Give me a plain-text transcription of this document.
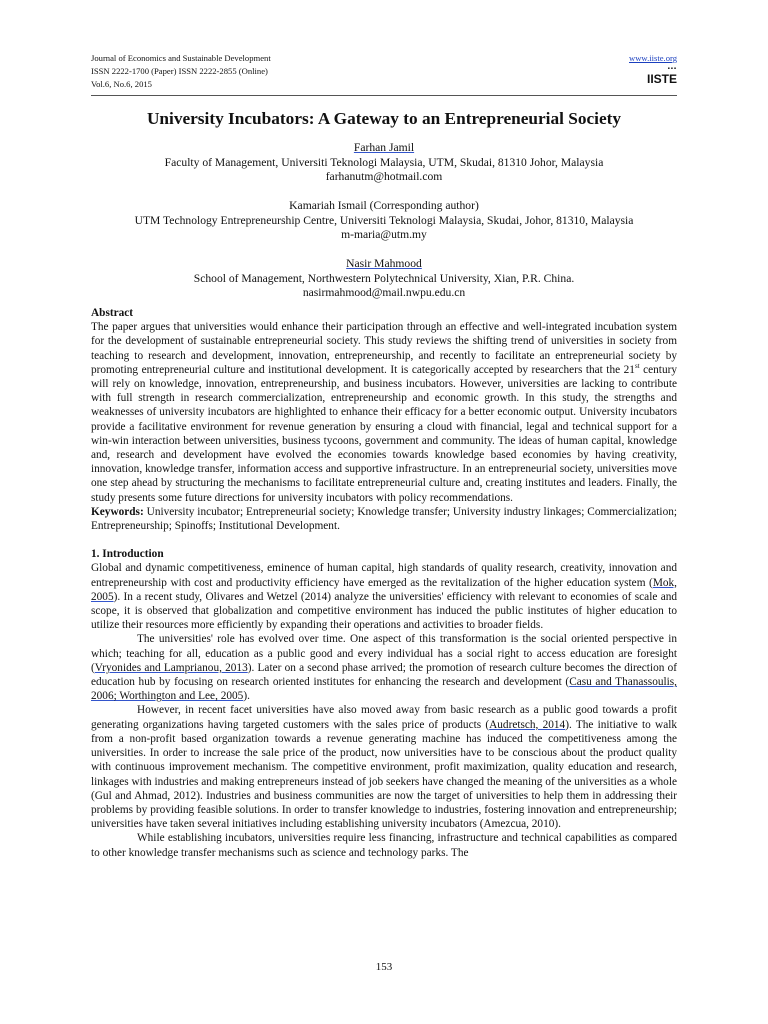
Journal of Economics and Sustainable Development
ISSN 2222-1700 (Paper) ISSN 2222-2855 (Online)
Vol.6, No.6, 2015
www.iiste.org
▪▪▪
IISTE
University Incubators: A Gateway to an Entrepreneurial Society
Farhan Jamil
Faculty of Management, Universiti Teknologi Malaysia, UTM, Skudai, 81310 Johor, Malaysia
farhanutm@hotmail.com
Kamariah Ismail (Corresponding author)
UTM Technology Entrepreneurship Centre, Universiti Teknologi Malaysia, Skudai, Johor, 81310, Malaysia
m-maria@utm.my
Nasir Mahmood
School of Management, Northwestern Polytechnical University, Xian, P.R. China.
nasirmahmood@mail.nwpu.edu.cn

Abstract

The paper argues that universities would enhance their participation through an effective and well-integrated incubation system for the development of sustainable entrepreneurial society. This study reviews the shifting trend of universities in society from teaching to research and development, innovation, entrepreneurship, and recently to facilitate an entrepreneurial society by promoting entrepreneurial culture and institutional development. It is categorically accepted by researchers that the 21st century will rely on knowledge, innovation, entrepreneurship, and business incubators. However, universities are lacking to contribute with full strength in research commercialization, entrepreneurship and economic growth. In this study, the strengths and weaknesses of university incubators are highlighted to enhance their efficacy for a better economic output. University incubators provide a facilitative environment for revenue generation by ensuring a cloud with financial, legal and technical support for a win-win interaction between universities, business tycoons, government and community. The ideas of human capital, knowledge and, research and development have evolved the economies towards knowledge based economies by having creativity, innovation, knowledge transfer, information access and supportive infrastructure. In an entrepreneurial society, universities move one step ahead by structuring the mechanisms to facilitate entrepreneurial culture and, creating institutes and leaders. Finally, the study presents some future directions for university incubators with policy recommendations.

Keywords: University incubator; Entrepreneurial society; Knowledge transfer; University industry linkages; Commercialization; Entrepreneurship; Spinoffs; Institutional Development.

1. Introduction

Global and dynamic competitiveness, eminence of human capital, high standards of quality research, creativity, innovation and entrepreneurship with cost and productivity efficiency have emerged as the revitalization of the higher education system (Mok, 2005). In a recent study, Olivares and Wetzel (2014) analyze the universities' efficiency with relevant to economies of scale and scope, it is observed that globalization and competitive environment has induced the public institutes of higher education to utilize their resources more efficiently by expanding their operations and activities to broader fields.

The universities' role has evolved over time. One aspect of this transformation is the social oriented perspective in which; teaching for all, education as a public good and every individual has a social right to access education are foresight (Vryonides and Lamprianou, 2013). Later on a second phase arrived; the promotion of research culture becomes the direction of education hub by focusing on research oriented institutes for enhancing the research and development (Casu and Thanassoulis, 2006; Worthington and Lee, 2005).

However, in recent facet universities have also moved away from basic research as a public good towards a profit generating organizations having targeted customers with the sales price of products (Audretsch, 2014). The initiative to walk from a non-profit based organization towards a revenue generating machine has induced the competitiveness among the universities. In order to increase the sale price of the product, now universities have to be conscious about the product quality with continuous improvement mechanism. The competitive environment, profit maximization, quality education and research, linkages with industries and making entrepreneurs instead of job seekers have changed the meaning of the universities as a whole (Gul and Ahmad, 2012). Industries and business communities are now the target of universities to help them in addressing their problems by providing feasible solutions. In order to transfer knowledge to industries, fostering innovation and entrepreneurship; universities have taken several initiatives including establishing university incubators (Amezcua, 2010).

While establishing incubators, universities require less financing, infrastructure and technical capabilities as compared to other knowledge transfer mechanisms such as science and technology parks. The

153
